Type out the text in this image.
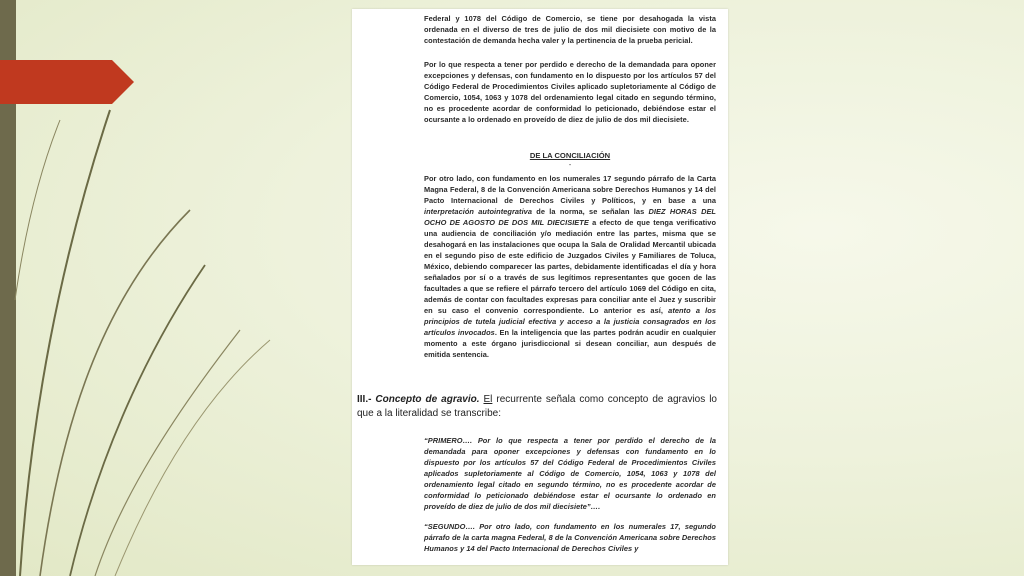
Federal y 1078 del Código de Comercio, se tiene por desahogada la vista ordenada en el diverso de tres de julio de dos mil diecisiete con motivo de la contestación de demanda hecha valer y la pertinencia de la prueba pericial.
Por lo que respecta a tener por perdido e derecho de la demandada para oponer excepciones y defensas, con fundamento en lo dispuesto por los artículos 57 del Código Federal de Procedimientos Civiles aplicado supletoriamente al Código de Comercio, 1054, 1063 y 1078 del ordenamiento legal citado en segundo término, no es procedente acordar de conformidad lo peticionado, debiéndose estar el ocursante a lo ordenado en proveído de diez de julio de dos mil diecisiete.
DE LA CONCILIACIÓN
-
Por otro lado, con fundamento en los numerales 17 segundo párrafo de la Carta Magna Federal, 8 de la Convención Americana sobre Derechos Humanos y 14 del Pacto Internacional de Derechos Civiles y Políticos, y en base a una interpretación autointegrativa de la norma, se señalan las DIEZ HORAS DEL OCHO DE AGOSTO DE DOS MIL DIECISIETE a efecto de que tenga verificativo una audiencia de conciliación y/o mediación entre las partes, misma que se desahogará en las instalaciones que ocupa la Sala de Oralidad Mercantil ubicada en el segundo piso de este edificio de Juzgados Civiles y Familiares de Toluca, México, debiendo comparecer las partes, debidamente identificadas el día y hora señalados por sí o a través de sus legítimos representantes que gocen de las facultades a que se refiere el párrafo tercero del artículo 1069 del Código en cita, además de contar con facultades expresas para conciliar ante el Juez y suscribir en su caso el convenio correspondiente. Lo anterior es así, atento a los principios de tutela judicial efectiva y acceso a la justicia consagrados en los artículos invocados. En la inteligencia que las partes podrán acudir en cualquier momento a este órgano jurisdiccional si desean conciliar, aun después de emitida sentencia.
III.- Concepto de agravio. El recurrente señala como concepto de agravios lo que a la literalidad se transcribe:
“PRIMERO…. Por lo que respecta a tener por perdido el derecho de la demandada para oponer excepciones y defensas con fundamento en lo dispuesto por los artículos 57 del Código Federal de Procedimientos Civiles aplicados supletoriamente al Código de Comercio, 1054, 1063 y 1078 del ordenamiento legal citado en segundo término, no es procedente acordar de conformidad lo peticionado debiéndose estar el ocursante lo ordenado en proveído de diez de julio de dos mil diecisiete”….
“SEGUNDO…. Por otro lado, con fundamento en los numerales 17, segundo párrafo de la carta magna Federal, 8 de la Convención Americana sobre Derechos Humanos y 14 del Pacto Internacional de Derechos Civiles y
